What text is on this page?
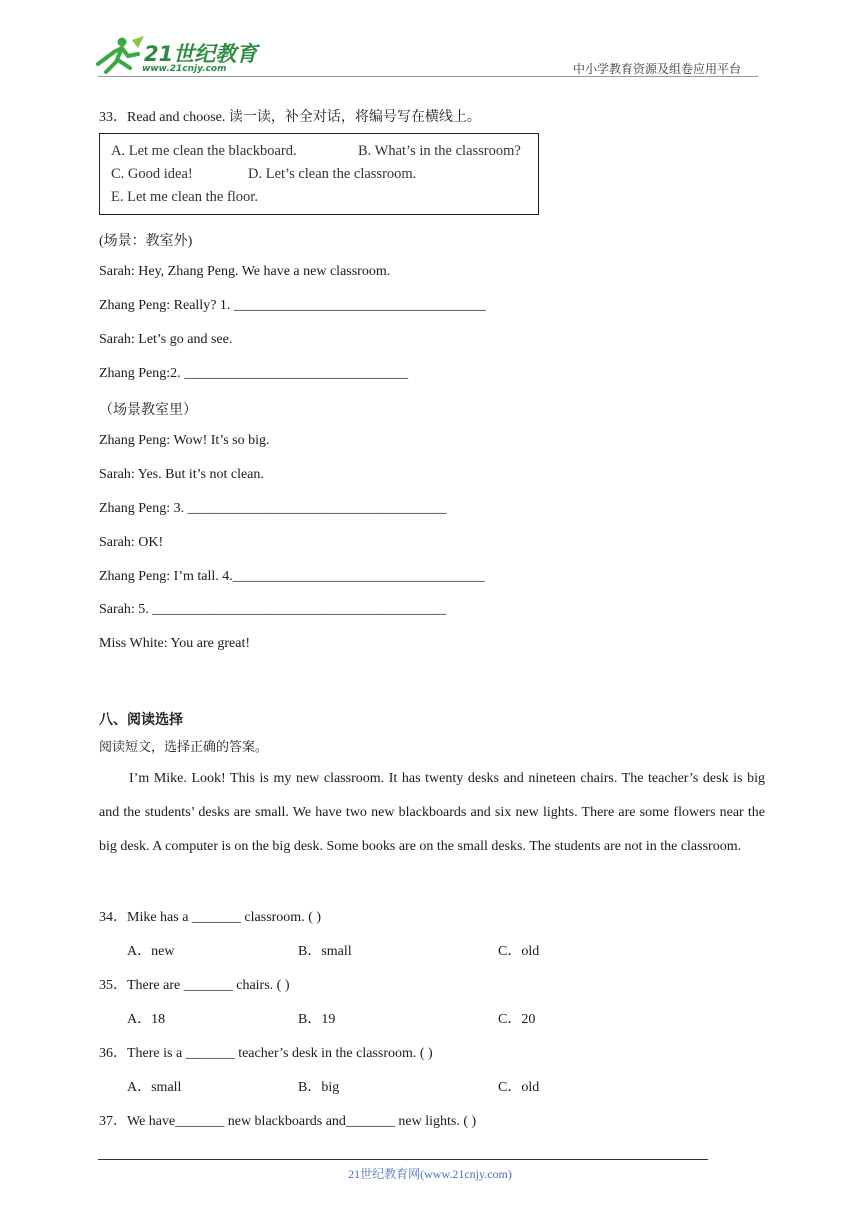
21世纪教育
www.21cnjy.com	中小学教育资源及组卷应用平台
33．Read and choose. 读一读，补全对话，将编号写在横线上。
A. Let me clean the blackboard.	B. What’s in the classroom?
C. Good idea!	D. Let’s clean the classroom.
E. Let me clean the floor.
(场景：教室外)
Sarah: Hey, Zhang Peng. We have a new classroom.
Zhang Peng: Really? 1. ____________________________________
Sarah: Let’s go and see.
Zhang Peng:2. ________________________________
（场景教室里）
Zhang Peng: Wow! It’s so big.
Sarah: Yes. But it’s not clean.
Zhang Peng: 3. _____________________________________
Sarah: OK!
Zhang Peng: I’m tall. 4.____________________________________
Sarah: 5. __________________________________________
Miss White: You are great!
八、阅读选择
阅读短文，选择正确的答案。
I’m Mike. Look! This is my new classroom. It has twenty desks and nineteen chairs. The teacher’s desk is big and the students’ desks are small. We have two new blackboards and six new lights. There are some flowers near the big desk. A computer is on the big desk. Some books are on the small desks. The students are not in the classroom.
34．Mike has a _______ classroom. ( )
A．new	B．small	C．old
35．There are _______ chairs. ( )
A．18	B．19	C．20
36．There is a _______ teacher’s desk in the classroom. ( )
A．small	B．big	C．old
37．We have_______ new blackboards and_______ new lights. ( )
21世纪教育网(www.21cnjy.com)
